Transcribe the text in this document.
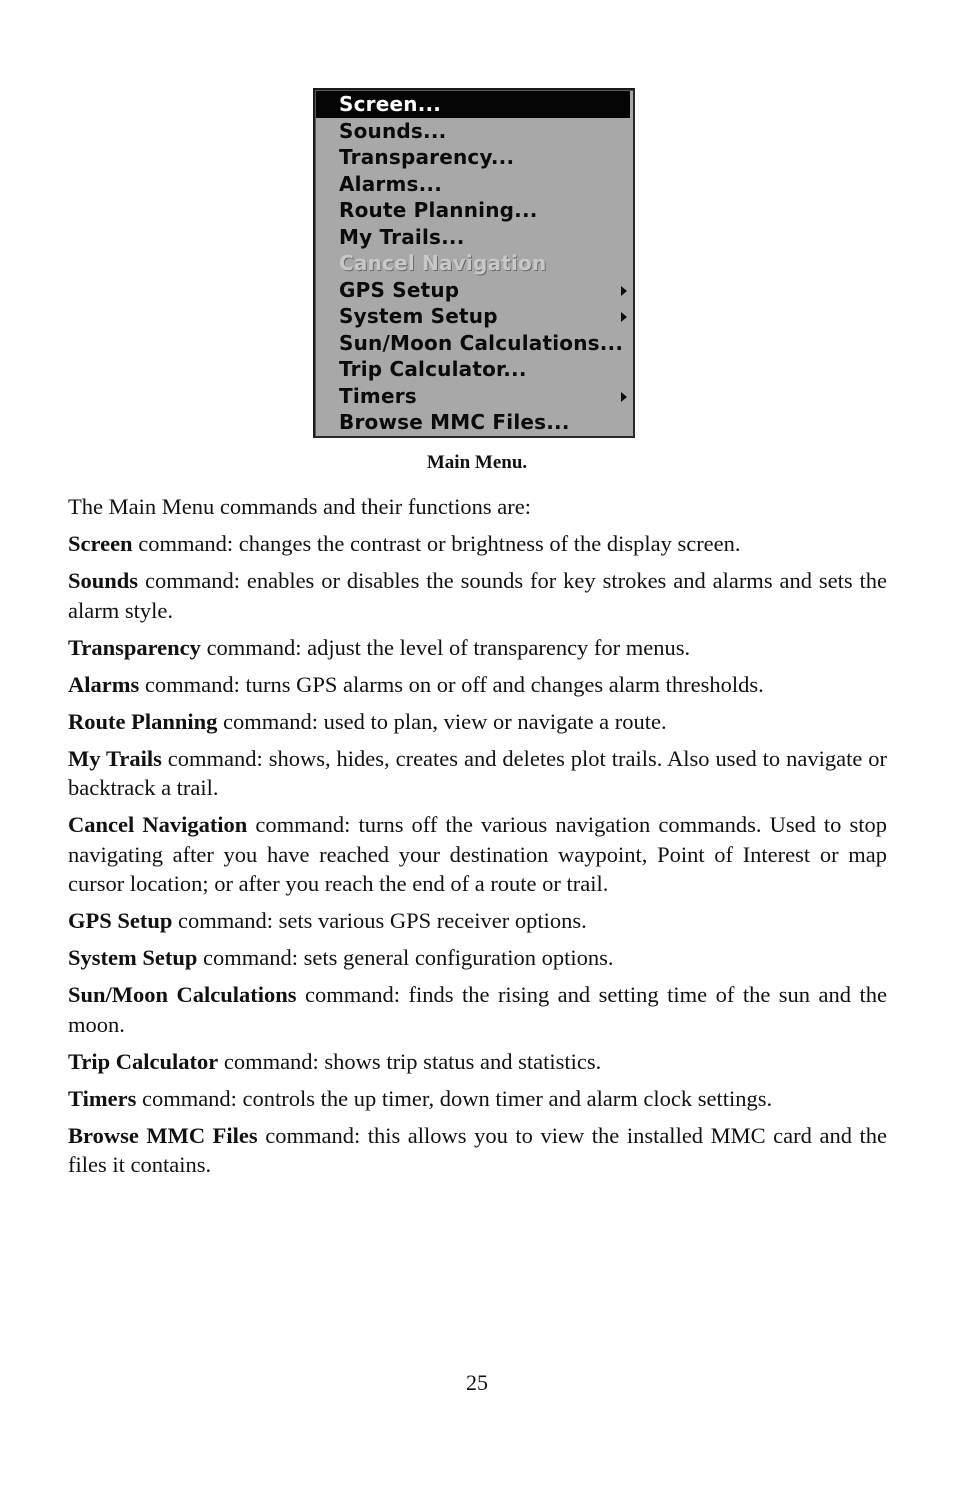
Screen...
Sounds...
Transparency...
Alarms...
Route Planning...
My Trails...
Cancel Navigation
GPS Setup
System Setup
Sun/Moon Calculations...
Trip Calculator...
Timers
Browse MMC Files...
Main Menu.

The Main Menu commands and their functions are:

Screen command: changes the contrast or brightness of the display screen.

Sounds command: enables or disables the sounds for key strokes and alarms and sets the alarm style.

Transparency command: adjust the level of transparency for menus.

Alarms command: turns GPS alarms on or off and changes alarm thresholds.

Route Planning command: used to plan, view or navigate a route.

My Trails command: shows, hides, creates and deletes plot trails. Also used to navigate or backtrack a trail.

Cancel Navigation command: turns off the various navigation commands. Used to stop navigating after you have reached your destination waypoint, Point of Interest or map cursor location; or after you reach the end of a route or trail.

GPS Setup command: sets various GPS receiver options.

System Setup command: sets general configuration options.

Sun/Moon Calculations command: finds the rising and setting time of the sun and the moon.

Trip Calculator command: shows trip status and statistics.

Timers command: controls the up timer, down timer and alarm clock settings.

Browse MMC Files command: this allows you to view the installed MMC card and the files it contains.

25
